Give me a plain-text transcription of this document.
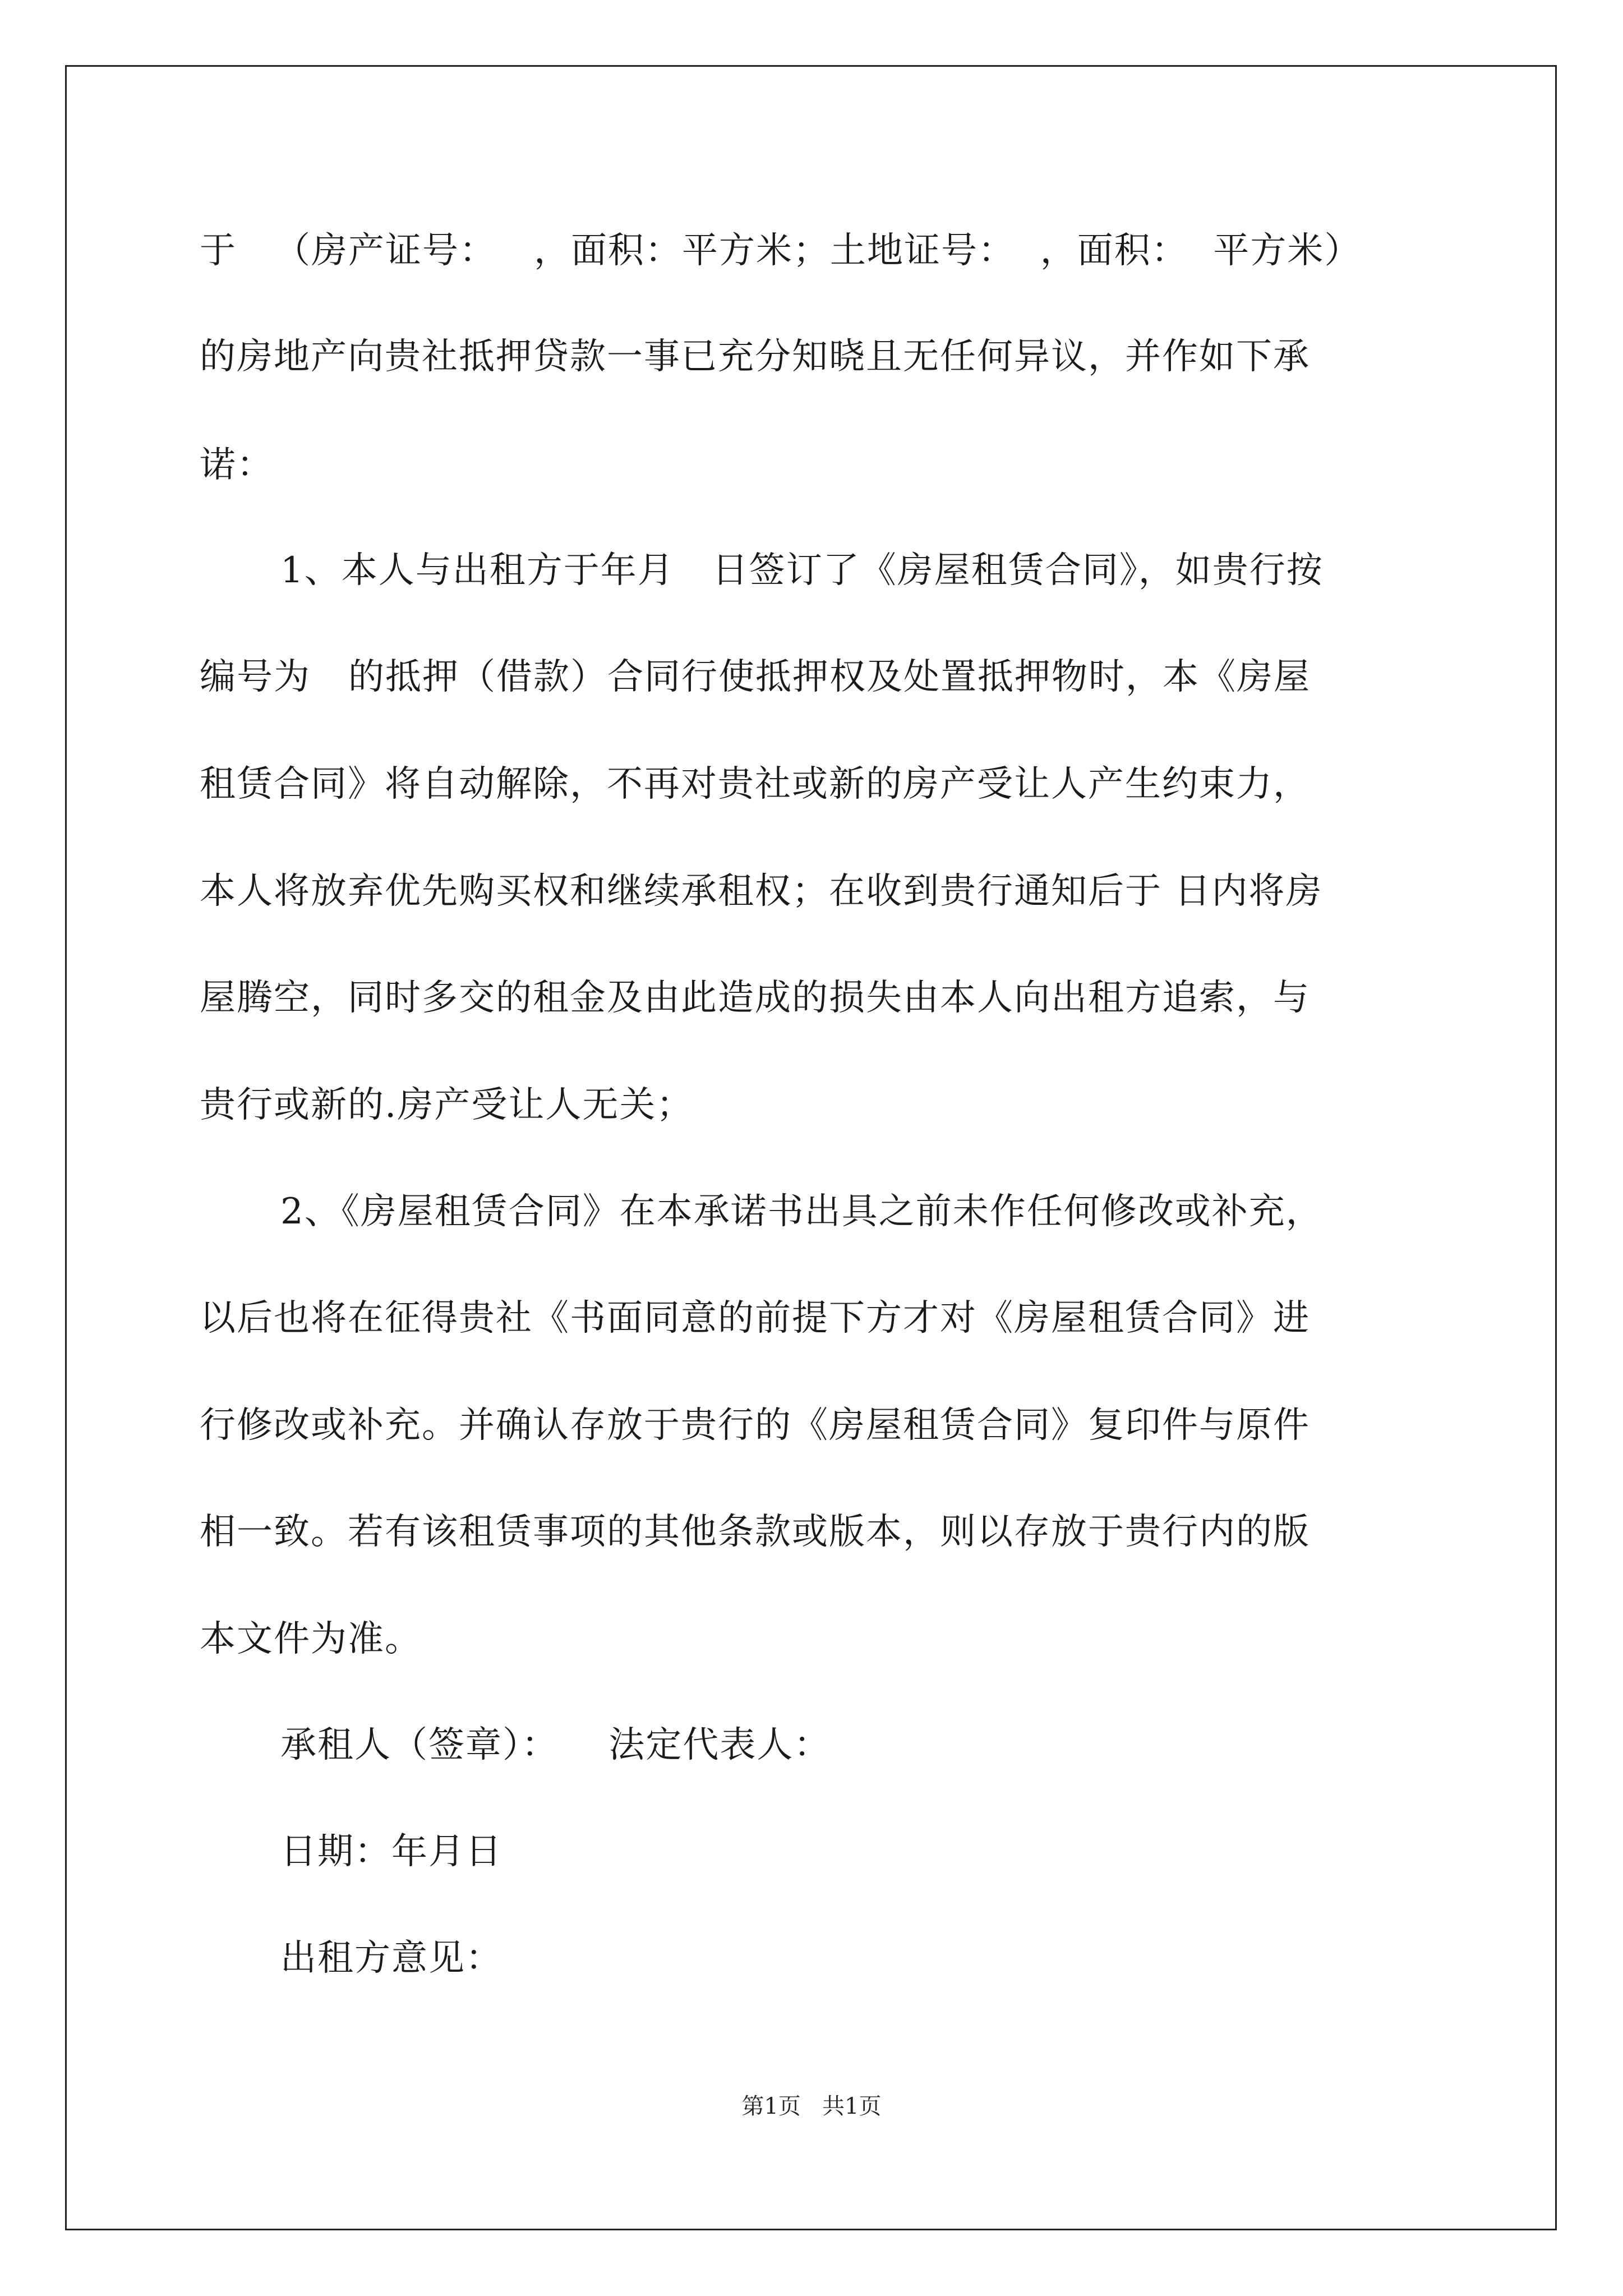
于   （房产证号：   ，面积：平方米；土地证号：  ，面积：  平方米）
的房地产向贵社抵押贷款一事已充分知晓且无任何异议，并作如下承
诺：
1、本人与出租方于年月   日签订了《房屋租赁合同》，如贵行按
编号为   的抵押（借款）合同行使抵押权及处置抵押物时，本《房屋
租赁合同》将自动解除，不再对贵社或新的房产受让人产生约束力，
本人将放弃优先购买权和继续承租权；在收到贵行通知后于 日内将房
屋腾空，同时多交的租金及由此造成的损失由本人向出租方追索，与
贵行或新的.房产受让人无关；
2、《房屋租赁合同》在本承诺书出具之前未作任何修改或补充，
以后也将在征得贵社《书面同意的前提下方才对《房屋租赁合同》进
行修改或补充。并确认存放于贵行的《房屋租赁合同》复印件与原件
相一致。若有该租赁事项的其他条款或版本，则以存放于贵行内的版
本文件为准。
承租人（签章）：    法定代表人：
日期：年月日
出租方意见：
第1页   共1页
